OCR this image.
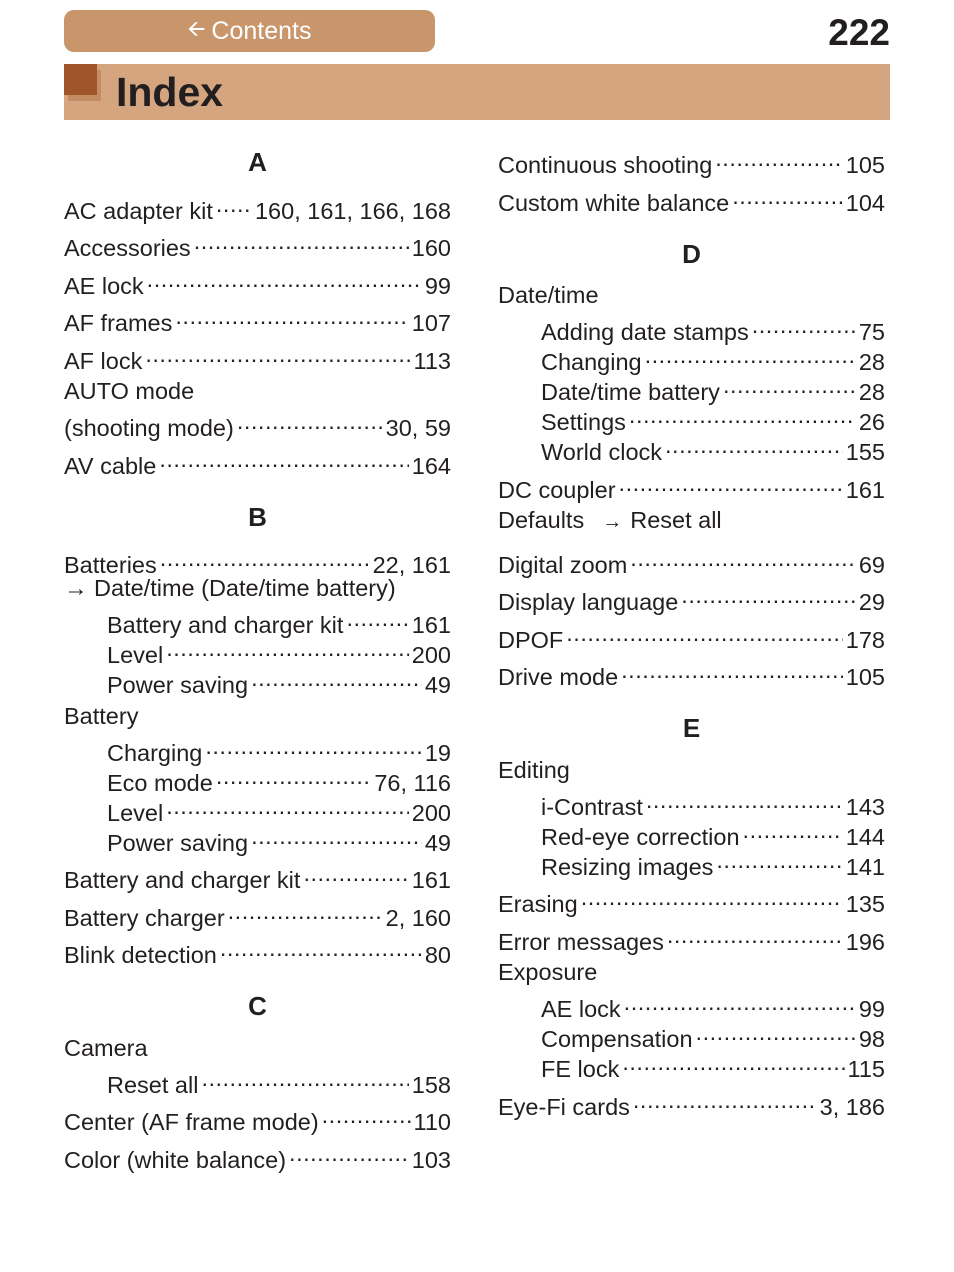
🡨 Contents	222
Index
A
AC adapter kit ..... 160, 161, 166, 168
Accessories .....	160
AE lock .....	99
AF frames .....	107
AF lock .....	113
AUTO mode
(shooting mode) .....	30, 59
AV cable .....	164
B
Batteries .....	22, 161
→ Date/time (Date/time battery)
Battery and charger kit .....	161
Level .....	200
Power saving .....	49
Battery
Charging .....	19
Eco mode .....	76, 116
Level .....	200
Power saving .....	49
Battery and charger kit .....	161
Battery charger .....	2, 160
Blink detection .....	80
C
Camera
Reset all .....	158
Center (AF frame mode) .....	110
Color (white balance) .....	103
Continuous shooting .....	105
Custom white balance .....	104
D
Date/time
Adding date stamps .....	75
Changing .....	28
Date/time battery .....	28
Settings .....	26
World clock .....	155
DC coupler .....	161
Defaults → Reset all
Digital zoom .....	69
Display language .....	29
DPOF .....	178
Drive mode .....	105
E
Editing
i-Contrast .....	143
Red-eye correction .....	144
Resizing images .....	141
Erasing .....	135
Error messages .....	196
Exposure
AE lock .....	99
Compensation .....	98
FE lock .....	115
Eye-Fi cards .....	3, 186
